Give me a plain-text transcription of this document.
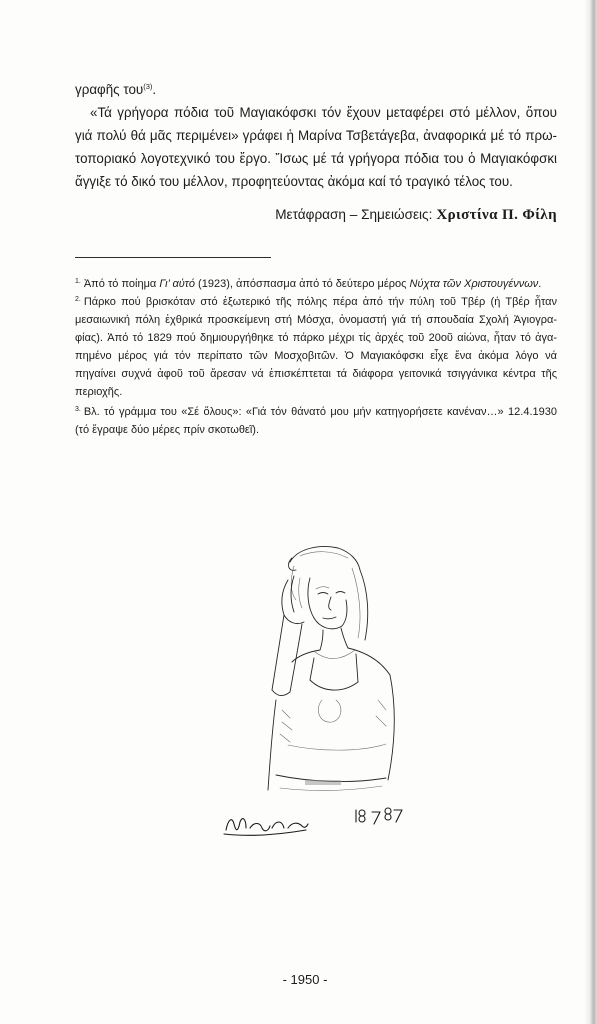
γραφῆς του$^{(3)}$.
«Τά γρήγορα πόδια τοῦ Μαγιακόφσκι τόν ἔχουν μεταφέρει στό μέλλον, ὅπου
γιά πολύ θά μᾶς περιμένει» γράφει ἡ Μαρίνα Τσβετάγεβα, ἀναφορικά μέ τό πρω-
τοποριακό λογοτεχνικό του ἔργο. Ἴσως μέ τά γρήγορα πόδια του ὁ Μαγιακόφσκι
ἄγγιξε τό δικό του μέλλον, προφητεύοντας ἀκόμα καί τό τραγικό τέλος του.
Μετάφραση – Σημειώσεις: Χριστίνα Π. Φίλη
$^{1.}$ Ἀπό τό ποίημα Γι’ αὐτό (1923), ἀπόσπασμα ἀπό τό δεύτερο μέρος Νύχτα τῶν Χριστουγέννων.
$^{2.}$ Πάρκο πού βρισκόταν στό ἐξωτερικό τῆς πόλης πέρα ἀπό τήν πύλη τοῦ Τβέρ (ἡ Τβέρ ἦταν
μεσαιωνική πόλη ἐχθρικά προσκείμενη στή Μόσχα, ὀνομαστή γιά τή σπουδαία Σχολή Ἁγιογρα-
φίας). Ἀπό τό 1829 πού δημιουργήθηκε τό πάρκο μέχρι τίς ἀρχές τοῦ 20οῦ αἰώνα, ἦταν τό ἀγα-
πημένο μέρος γιά τόν περίπατο τῶν Μοσχοβιτῶν. Ὁ Μαγιακόφσκι εἶχε ἕνα ἀκόμα λόγο νά
πηγαίνει συχνά ἀφοῦ τοῦ ἄρεσαν νά ἐπισκέπτεται τά διάφορα γειτονικά τσιγγάνικα κέντρα τῆς
περιοχῆς.
$^{3.}$ Βλ. τό γράμμα του «Σέ ὅλους»: «Γιά τόν θάνατό μου μήν κατηγορήσετε κανέναν…» 12.4.1930
(τό ἔγραψε δύο μέρες πρίν σκοτωθεῖ).
- 1950 -
